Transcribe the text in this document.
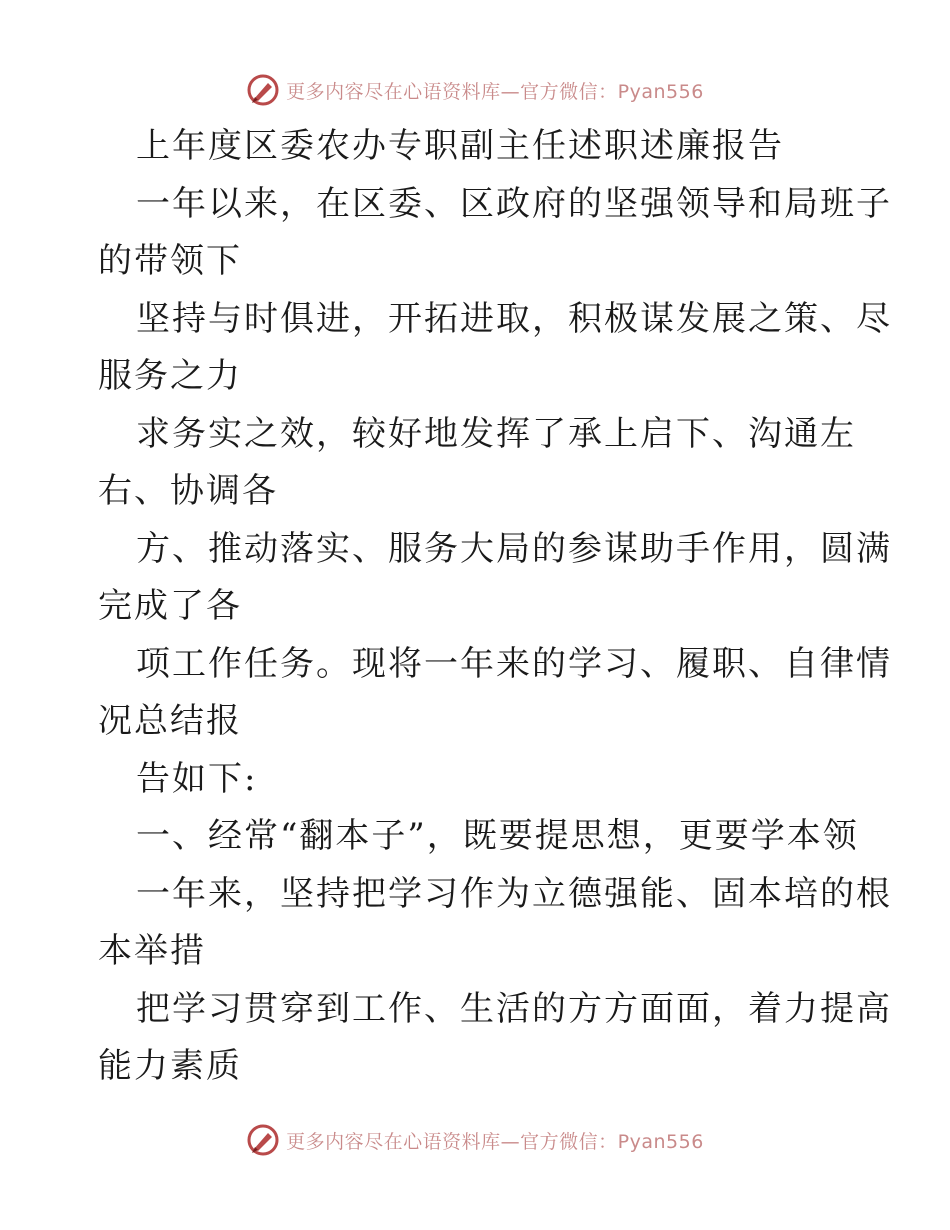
更多内容尽在心语资料库—官方微信：Pyan556
上年度区委农办专职副主任述职述廉报告
一年以来，在区委、区政府的坚强领导和局班子
的带领下
坚持与时俱进，开拓进取，积极谋发展之策、尽
服务之力
求务实之效，较好地发挥了承上启下、沟通左
右、协调各
方、推动落实、服务大局的参谋助手作用，圆满
完成了各
项工作任务。现将一年来的学习、履职、自律情
况总结报
告如下:
一、经常“翻本子”，既要提思想，更要学本领
一年来，坚持把学习作为立德强能、固本培的根
本举措
把学习贯穿到工作、生活的方方面面，着力提高
能力素质
更多内容尽在心语资料库—官方微信：Pyan556
